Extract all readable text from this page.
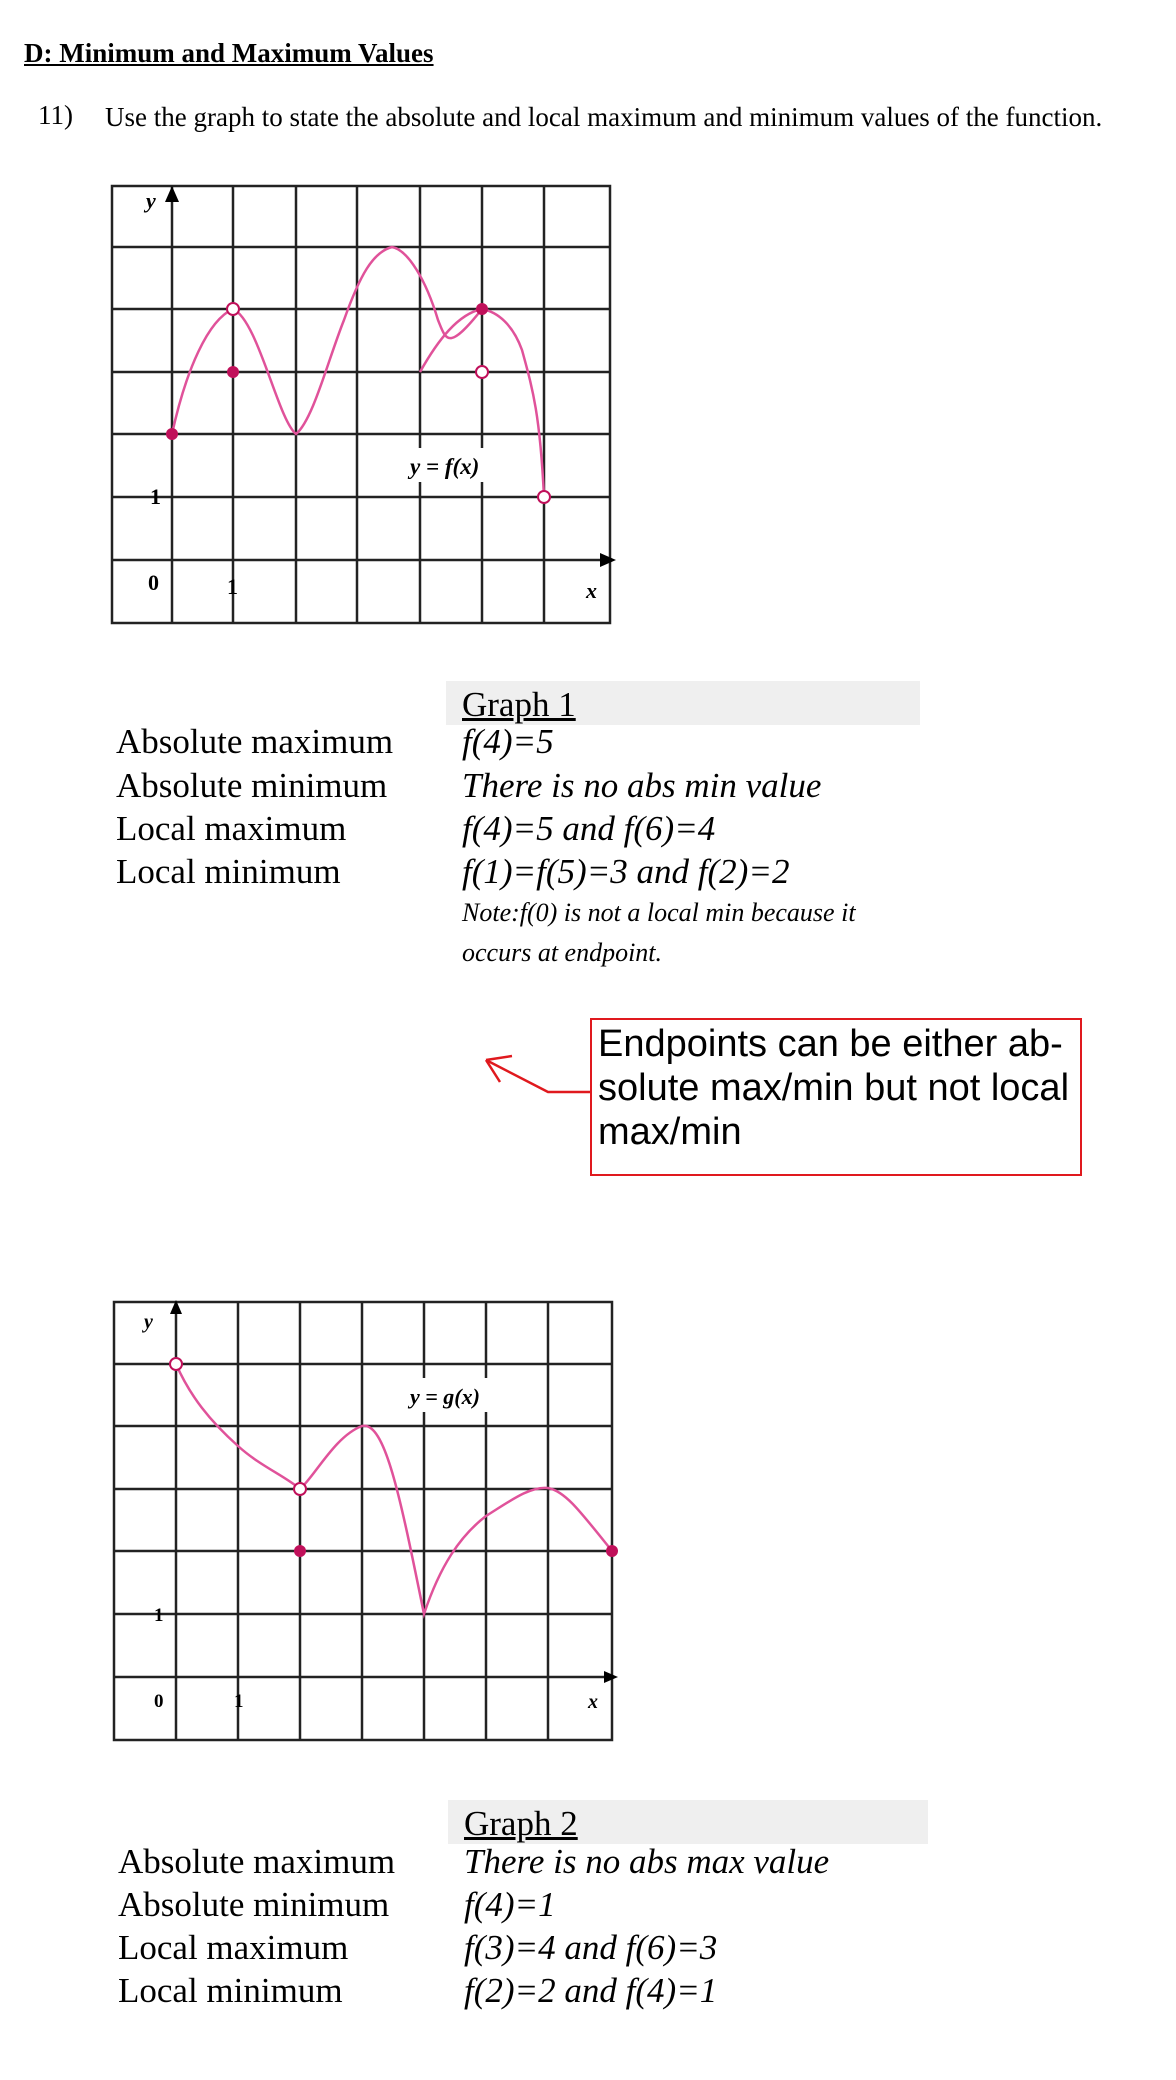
D: Minimum and Maximum Values
11) Use the graph to state the absolute and local maximum and minimum values of the function.
y
x
0	1
1
y = f(x)
Graph 1
Absolute maximum f(4)=5
Absolute minimum There is no abs min value
Local maximum	f(4)=5 and f(6)=4
Local minimum	f(1)=f(5)=3 and f(2)=2
Note:f(0) is not a local min because it
occurs at endpoint.
Endpoints can be either ab-solute max/min but not local max/min
y
x
0	1
1
y = g(x)
Graph 2
Absolute maximum There is no abs max value
Absolute minimum f(4)=1
Local maximum	f(3)=4 and f(6)=3
Local minimum	f(2)=2 and f(4)=1
